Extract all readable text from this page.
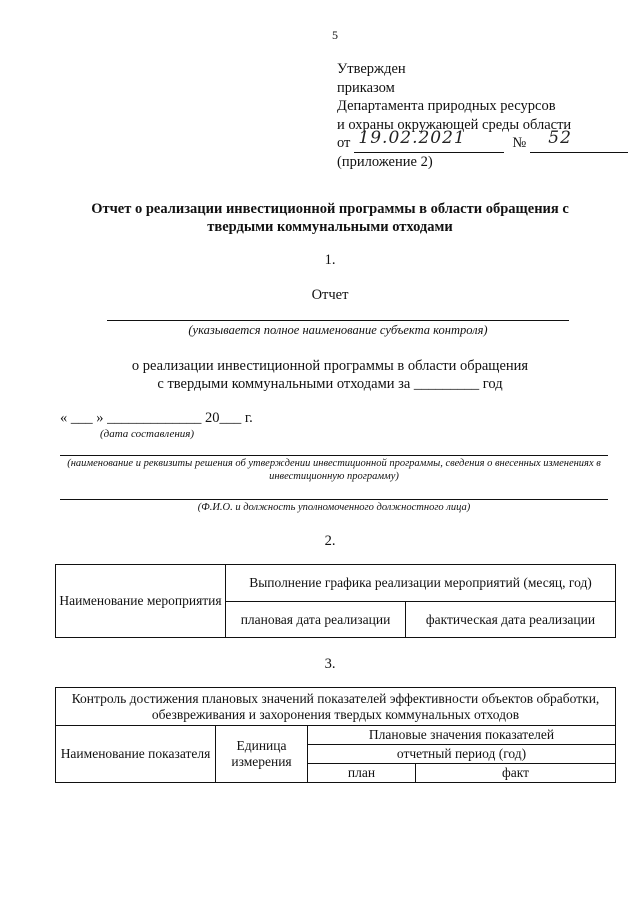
5
Утвержден
приказом
Департамента природных ресурсов
и охраны окружающей среды области
от 19.02.2021	№ 52
(приложение 2)
Отчет о реализации инвестиционной программы в области обращения с твердыми коммунальными отходами
1.
Отчет
(указывается полное наименование субъекта контроля)
о реализации инвестиционной программы в области обращения
с твердыми коммунальными отходами за _________ год
« ___ » _____________ 20___ г.
(дата составления)
(наименование и реквизиты решения об утверждении инвестиционной программы, сведения о внесенных изменениях в инвестиционную программу)
(Ф.И.О. и должность уполномоченного должностного лица)
2.
Наименование мероприятия	Выполнение графика реализации мероприятий (месяц, год)	
	плановая дата реализации	фактическая дата реализации
3.
Контроль достижения плановых значений показателей эффективности объектов обработки, обезвреживания и захоронения твердых коммунальных отходов			
Наименование показателя	Единица измерения	Плановые значения показателей	
		отчетный период (год)	
		план	факт
